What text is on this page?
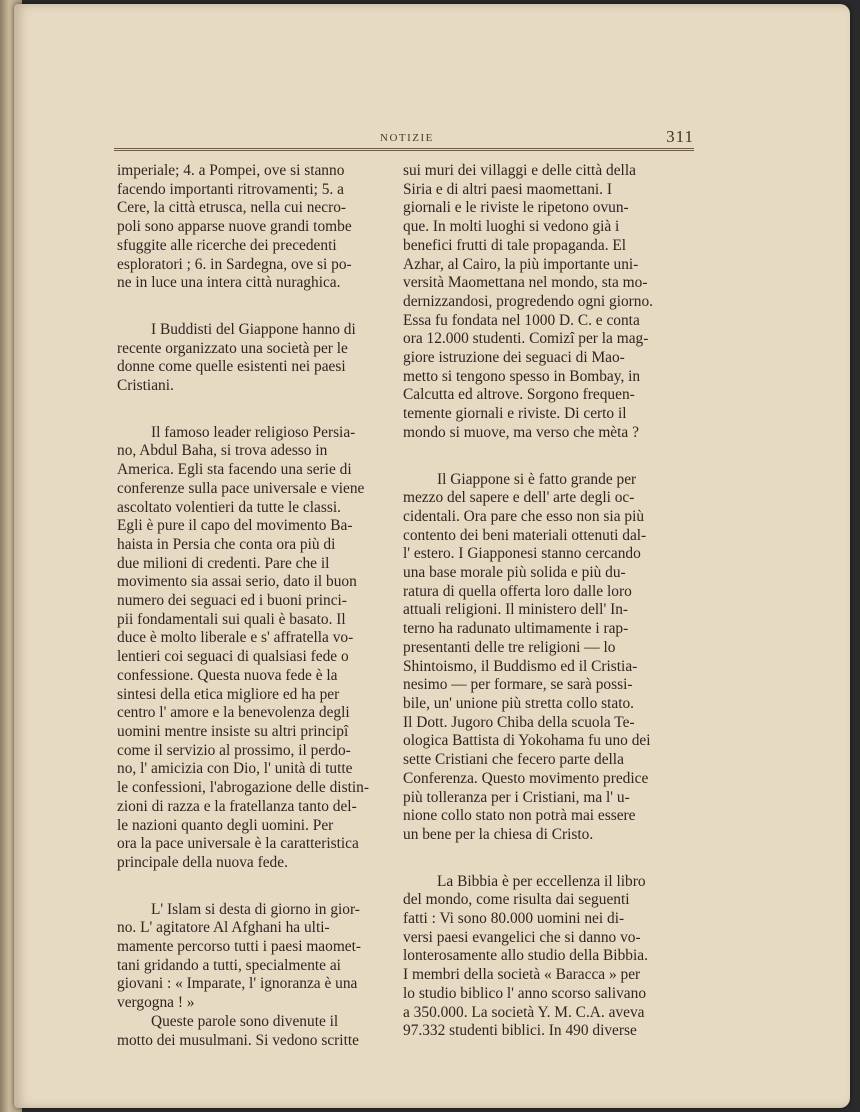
NOTIZIE	311

imperiale; 4. a Pompei, ove si stanno
facendo importanti ritrovamenti; 5. a
Cere, la città etrusca, nella cui necro-
poli sono apparse nuove grandi tombe
sfuggite alle ricerche dei precedenti
esploratori ; 6. in Sardegna, ove si po-
ne in luce una intera città nuraghica.

I Buddisti del Giappone hanno di
recente organizzato una società per le
donne come quelle esistenti nei paesi
Cristiani.

Il famoso leader religioso Persia-
no, Abdul Baha, si trova adesso in
America. Egli sta facendo una serie di
conferenze sulla pace universale e viene
ascoltato volentieri da tutte le classi.
Egli è pure il capo del movimento Ba-
haista in Persia che conta ora più di
due milioni di credenti. Pare che il
movimento sia assai serio, dato il buon
numero dei seguaci ed i buoni princi-
pii fondamentali sui quali è basato. Il
duce è molto liberale e s' affratella vo-
lentieri coi seguaci di qualsiasi fede o
confessione. Questa nuova fede è la
sintesi della etica migliore ed ha per
centro l' amore e la benevolenza degli
uomini mentre insiste su altri principî
come il servizio al prossimo, il perdo-
no, l' amicizia con Dio, l' unità di tutte
le confessioni, l'abrogazione delle distin-
zioni di razza e la fratellanza tanto del-
le nazioni quanto degli uomini. Per
ora la pace universale è la caratteristica
principale della nuova fede.

L' Islam si desta di giorno in gior-
no. L' agitatore Al Afghani ha ulti-
mamente percorso tutti i paesi maomet-
tani gridando a tutti, specialmente ai
giovani : « Imparate, l' ignoranza è una
vergogna ! »

Queste parole sono divenute il
motto dei musulmani. Si vedono scritte

sui muri dei villaggi e delle città della
Siria e di altri paesi maomettani. I
giornali e le riviste le ripetono ovun-
que. In molti luoghi si vedono già i
benefici frutti di tale propaganda. El
Azhar, al Cairo, la più importante uni-
versità Maomettana nel mondo, sta mo-
dernizzandosi, progredendo ogni giorno.
Essa fu fondata nel 1000 D. C. e conta
ora 12.000 studenti. Comizî per la mag-
giore istruzione dei seguaci di Mao-
metto si tengono spesso in Bombay, in
Calcutta ed altrove. Sorgono frequen-
temente giornali e riviste. Di certo il
mondo si muove, ma verso che mèta ?

Il Giappone si è fatto grande per
mezzo del sapere e dell' arte degli oc-
cidentali. Ora pare che esso non sia più
contento dei beni materiali ottenuti dal-
l' estero. I Giapponesi stanno cercando
una base morale più solida e più du-
ratura di quella offerta loro dalle loro
attuali religioni. Il ministero dell' In-
terno ha radunato ultimamente i rap-
presentanti delle tre religioni — lo
Shintoismo, il Buddismo ed il Cristia-
nesimo — per formare, se sarà possi-
bile, un' unione più stretta collo stato.
Il Dott. Jugoro Chiba della scuola Te-
ologica Battista di Yokohama fu uno dei
sette Cristiani che fecero parte della
Conferenza. Questo movimento predice
più tolleranza per i Cristiani, ma l' u-
nione collo stato non potrà mai essere
un bene per la chiesa di Cristo.

La Bibbia è per eccellenza il libro
del mondo, come risulta dai seguenti
fatti : Vi sono 80.000 uomini nei di-
versi paesi evangelici che si danno vo-
lonterosamente allo studio della Bibbia.
I membri della società « Baracca » per
lo studio biblico l' anno scorso salivano
a 350.000. La società Y. M. C.A. aveva
97.332 studenti biblici. In 490 diverse
